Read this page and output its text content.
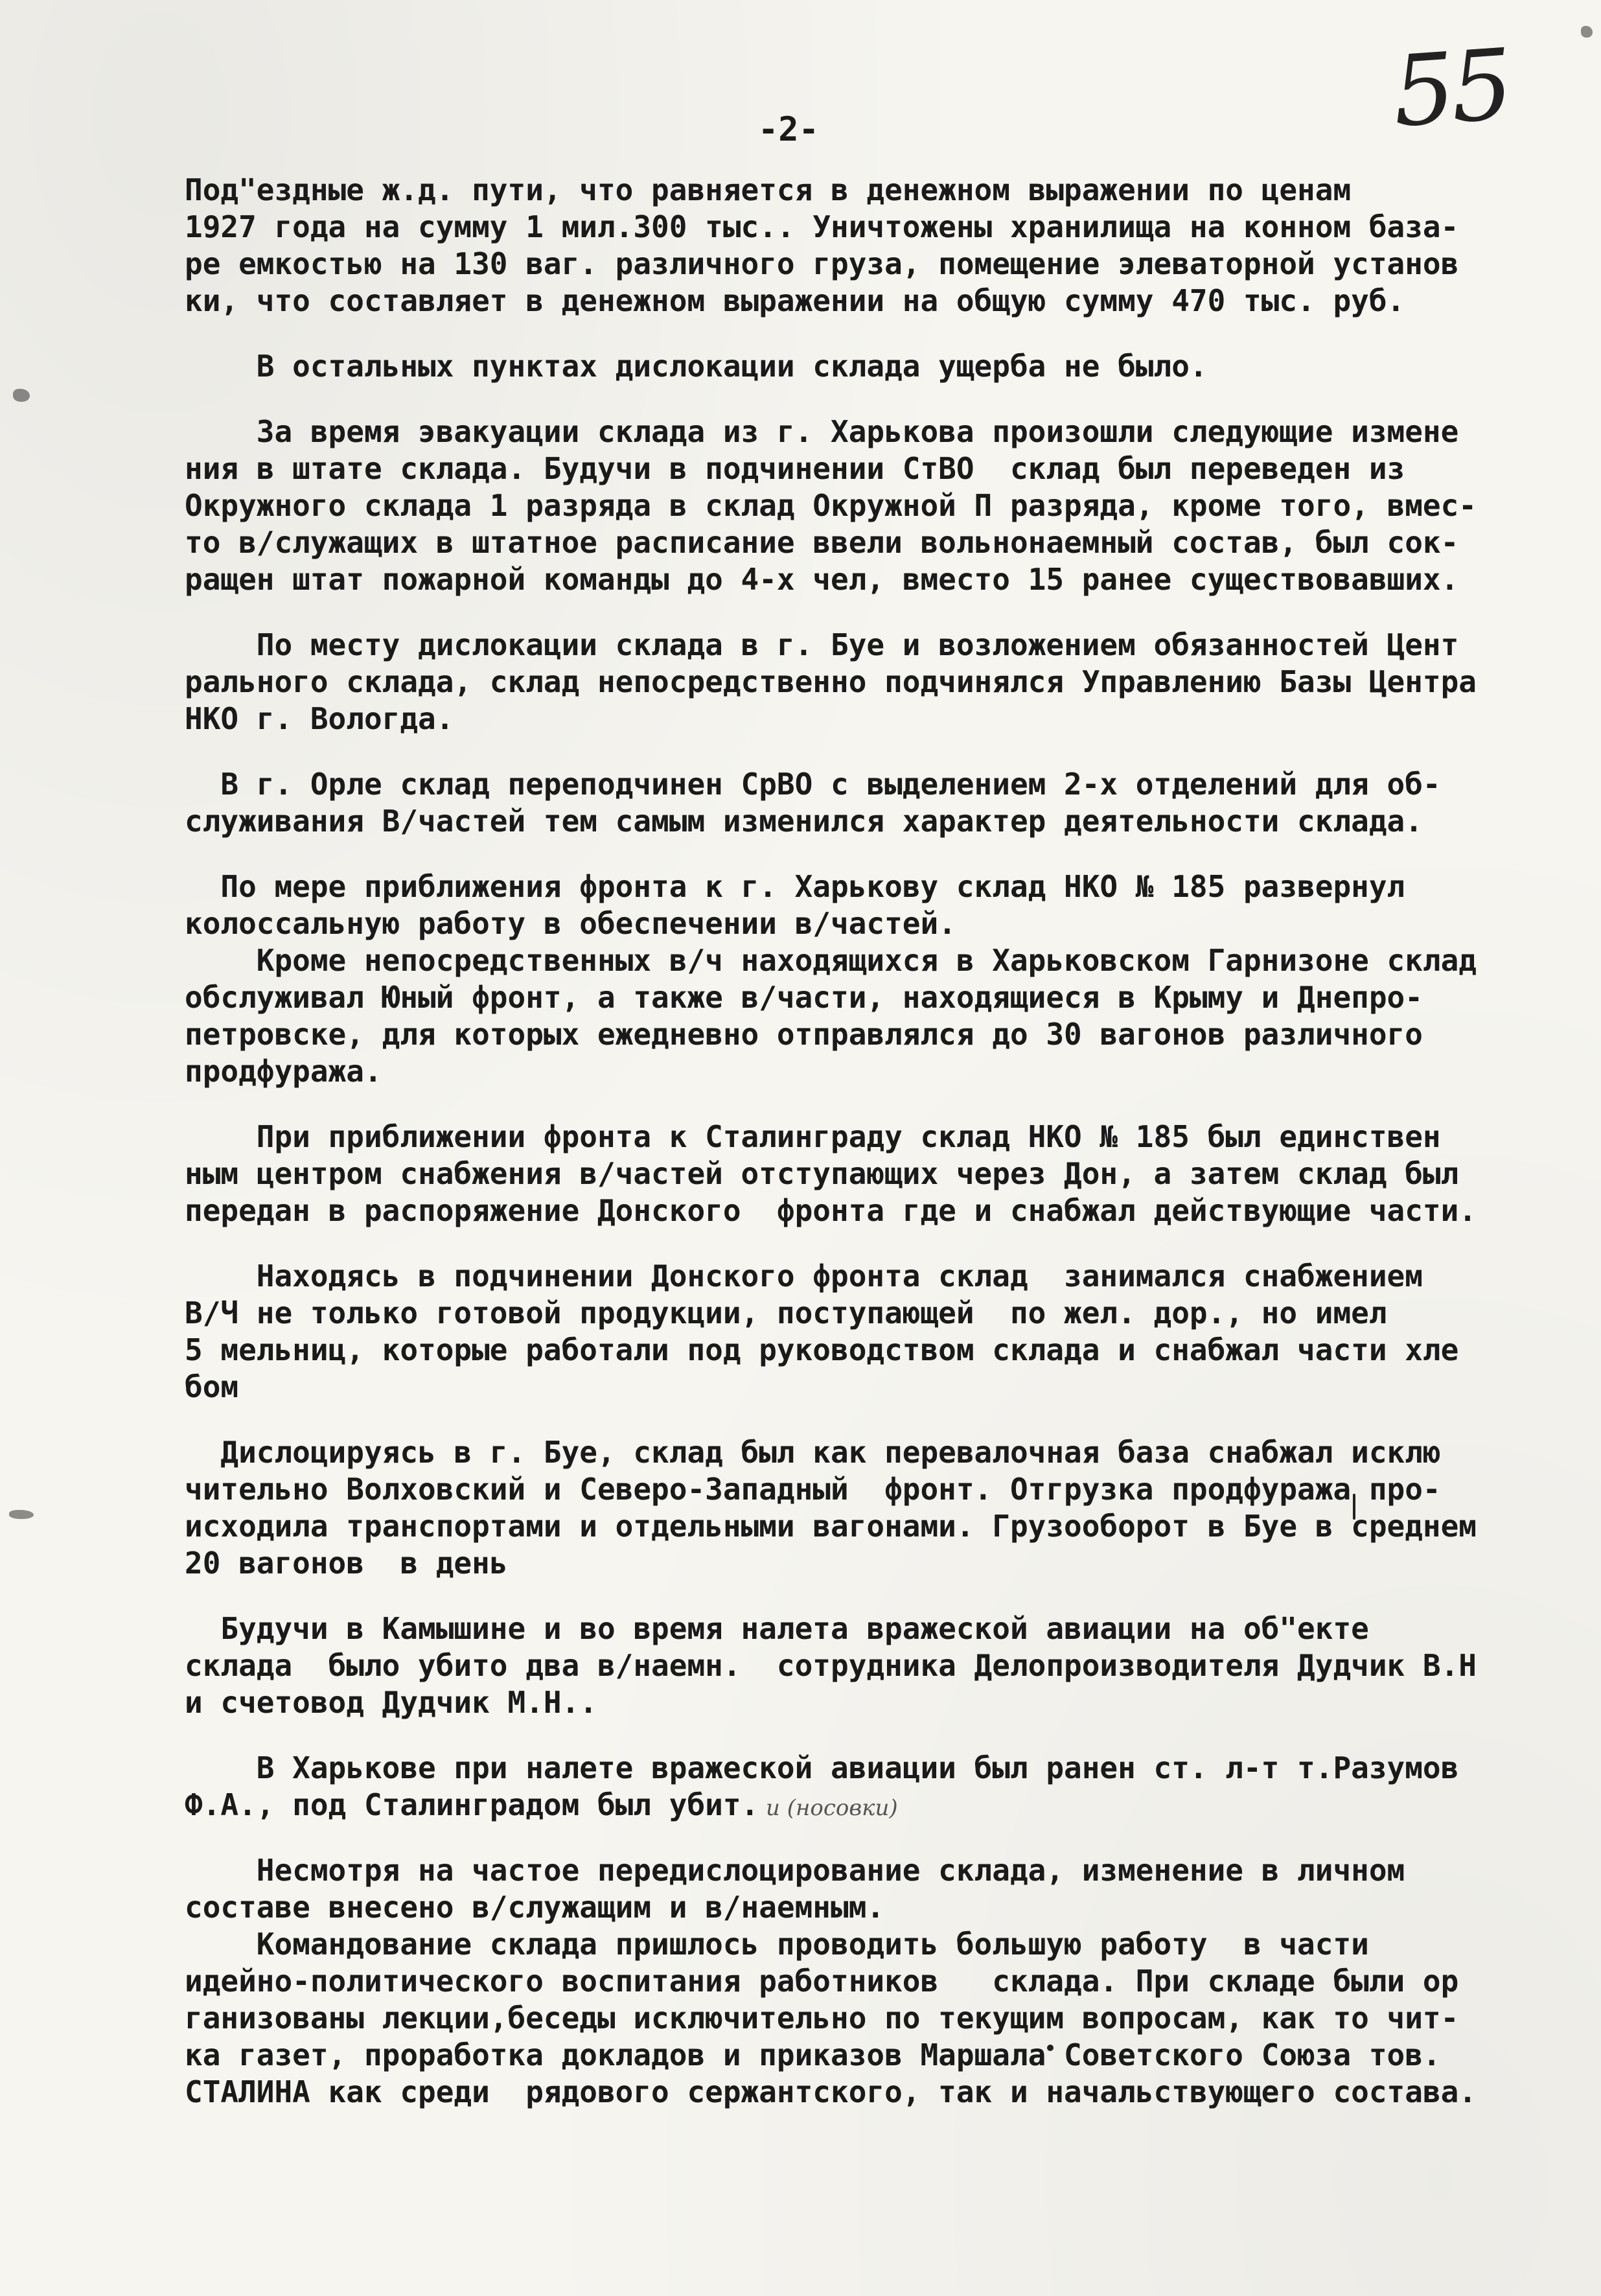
55
-2-
Под"ездные ж.д. пути, что равняется в денежном выражении по ценам
1927 года на сумму 1 мил.300 тыс.. Уничтожены хранилища на конном база-
ре емкостью на 130 ваг. различного груза, помещение элеваторной установ
ки, что составляет в денежном выражении на общую сумму 470 тыс. руб.
В остальных пунктах дислокации склада ущерба не было.
За время эвакуации склада из г. Харькова произошли следующие измене
ния в штате склада. Будучи в подчинении СтВО  склад был переведен из
Окружного склада 1 разряда в склад Окружной П разряда, кроме того, вмес-
то в/служащих в штатное расписание ввели вольнонаемный состав, был сок-
ращен штат пожарной команды до 4-х чел, вместо 15 ранее существовавших.
По месту дислокации склада в г. Буе и возложением обязанностей Цент
рального склада, склад непосредственно подчинялся Управлению Базы Центра
НКО г. Вологда.
В г. Орле склад переподчинен СрВО с выделением 2-х отделений для об-
служивания В/частей тем самым изменился характер деятельности склада.
По мере приближения фронта к г. Харькову склад НКО № 185 развернул
колоссальную работу в обеспечении в/частей.
Кроме непосредственных в/ч находящихся в Харьковском Гарнизоне склад
обслуживал Юный фронт, а также в/части, находящиеся в Крыму и Днепро-
петровске, для которых ежедневно отправлялся до 30 вагонов различного
продфуража.
При приближении фронта к Сталинграду склад НКО № 185 был единствен
ным центром снабжения в/частей отступающих через Дон, а затем склад был
передан в распоряжение Донского  фронта где и снабжал действующие части.
Находясь в подчинении Донского фронта склад  занимался снабжением
В/Ч не только готовой продукции, поступающей  по жел. дор., но имел
5 мельниц, которые работали под руководством склада и снабжал части хле
бом
Дислоцируясь в г. Буе, склад был как перевалочная база снабжал исклю
чительно Волховский и Северо-Западный  фронт. Отгрузка продфуража про-
исходила транспортами и отдельными вагонами. Грузооборот в Буе в среднем
20 вагонов  в день
Будучи в Камышине и во время налета вражеской авиации на об"екте
склада  было убито два в/наемн.  сотрудника Делопроизводителя Дудчик В.Н
и счетовод Дудчик М.Н..
В Харькове при налете вражеской авиации был ранен ст. л-т т.Разумов
Ф.А., под Сталинградом был убит. и (носовки)
Несмотря на частое передислоцирование склада, изменение в личном
составе внесено в/служащим и в/наемным.
Командование склада пришлось проводить большую работу  в части
идейно-политического воспитания работников   склада. При складе были ор
ганизованы лекции,беседы исключительно по текущим вопросам, как то чит-
ка газет, проработка докладов и приказов Маршала Советского Союза тов.
СТАЛИНА как среди  рядового сержантского, так и начальствующего состава.
